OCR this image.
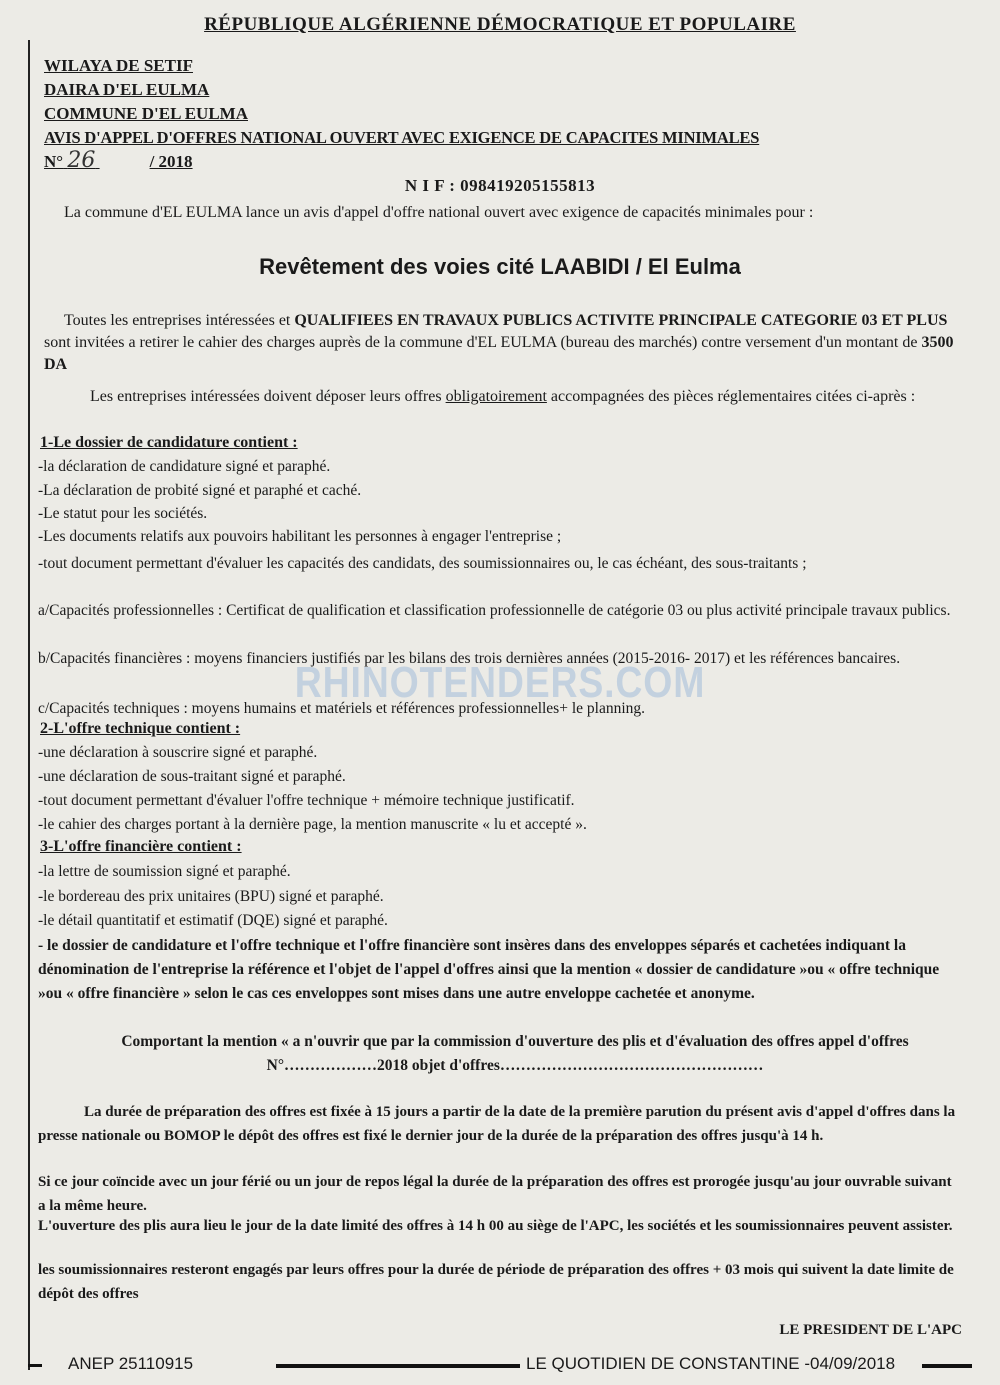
RÉPUBLIQUE ALGÉRIENNE DÉMOCRATIQUE ET POPULAIRE
WILAYA DE SETIF
DAIRA D'EL EULMA
COMMUNE D'EL EULMA
AVIS D'APPEL D'OFFRES NATIONAL OUVERT AVEC EXIGENCE DE CAPACITES MINIMALES
N° 26	/ 2018
N I F : 098419205155813
La commune d'EL EULMA lance un avis d'appel d'offre national ouvert avec exigence de capacités minimales pour :
Revêtement des voies cité LAABIDI / El Eulma
Toutes les entreprises intéressées et QUALIFIEES EN TRAVAUX PUBLICS ACTIVITE PRINCIPALE CATEGORIE 03 ET PLUS sont invitées a retirer le cahier des charges auprès de la commune d'EL EULMA (bureau des marchés) contre versement d'un montant de 3500 DA
Les entreprises intéressées doivent déposer leurs offres obligatoirement accompagnées des pièces réglementaires citées ci-après :
1-Le dossier de candidature contient :
-la déclaration de candidature signé et paraphé.
-La déclaration de probité signé et paraphé et caché.
-Le statut pour les sociétés.
-Les documents relatifs aux pouvoirs habilitant les personnes à engager l'entreprise ;
-tout document permettant d'évaluer les capacités des candidats, des soumissionnaires ou, le cas échéant, des sous-traitants ;
a/Capacités professionnelles : Certificat de qualification et classification professionnelle de catégorie 03 ou plus activité principale travaux publics.
b/Capacités financières : moyens financiers justifiés par les bilans des trois dernières années (2015-2016- 2017) et les références bancaires.
c/Capacités techniques : moyens humains et matériels et références professionnelles+ le planning.
RHINOTENDERS.COM
2-L'offre technique contient :
-une déclaration à souscrire signé et paraphé.
-une déclaration de sous-traitant signé et paraphé.
-tout document permettant d'évaluer l'offre technique + mémoire technique justificatif.
-le cahier des charges portant à la dernière page, la mention manuscrite « lu et accepté ».
3-L'offre financière contient :
-la lettre de soumission signé et paraphé.
-le bordereau des prix unitaires (BPU) signé et paraphé.
-le détail quantitatif et estimatif (DQE) signé et paraphé.
- le dossier de candidature et l'offre technique et l'offre financière sont insères dans des enveloppes séparés et cachetées indiquant la dénomination de l'entreprise la référence et l'objet de l'appel d'offres ainsi que la mention « dossier de candidature »ou « offre technique »ou « offre financière » selon le cas ces enveloppes sont mises dans une autre enveloppe cachetée et anonyme.
Comportant la mention « a n'ouvrir que par la commission d'ouverture des plis et d'évaluation des offres appel d'offres N°………………2018 objet d'offres……………………………………………
La durée de préparation des offres est fixée à 15 jours a partir de la date de la première parution du présent avis d'appel d'offres dans la presse nationale ou BOMOP le dépôt des offres est fixé le dernier jour de la durée de la préparation des offres jusqu'à 14 h.
Si ce jour coïncide avec un jour férié ou un jour de repos légal la durée de la préparation des offres est prorogée jusqu'au jour ouvrable suivant a la même heure.
L'ouverture des plis aura lieu le jour de la date limité des offres à 14 h 00 au siège de l'APC, les sociétés et les soumissionnaires peuvent assister.
les soumissionnaires resteront engagés par leurs offres pour la durée de période de préparation des offres + 03 mois qui suivent la date limite de dépôt des offres
LE PRESIDENT DE L'APC
ANEP 25110915	LE QUOTIDIEN DE CONSTANTINE -04/09/2018
